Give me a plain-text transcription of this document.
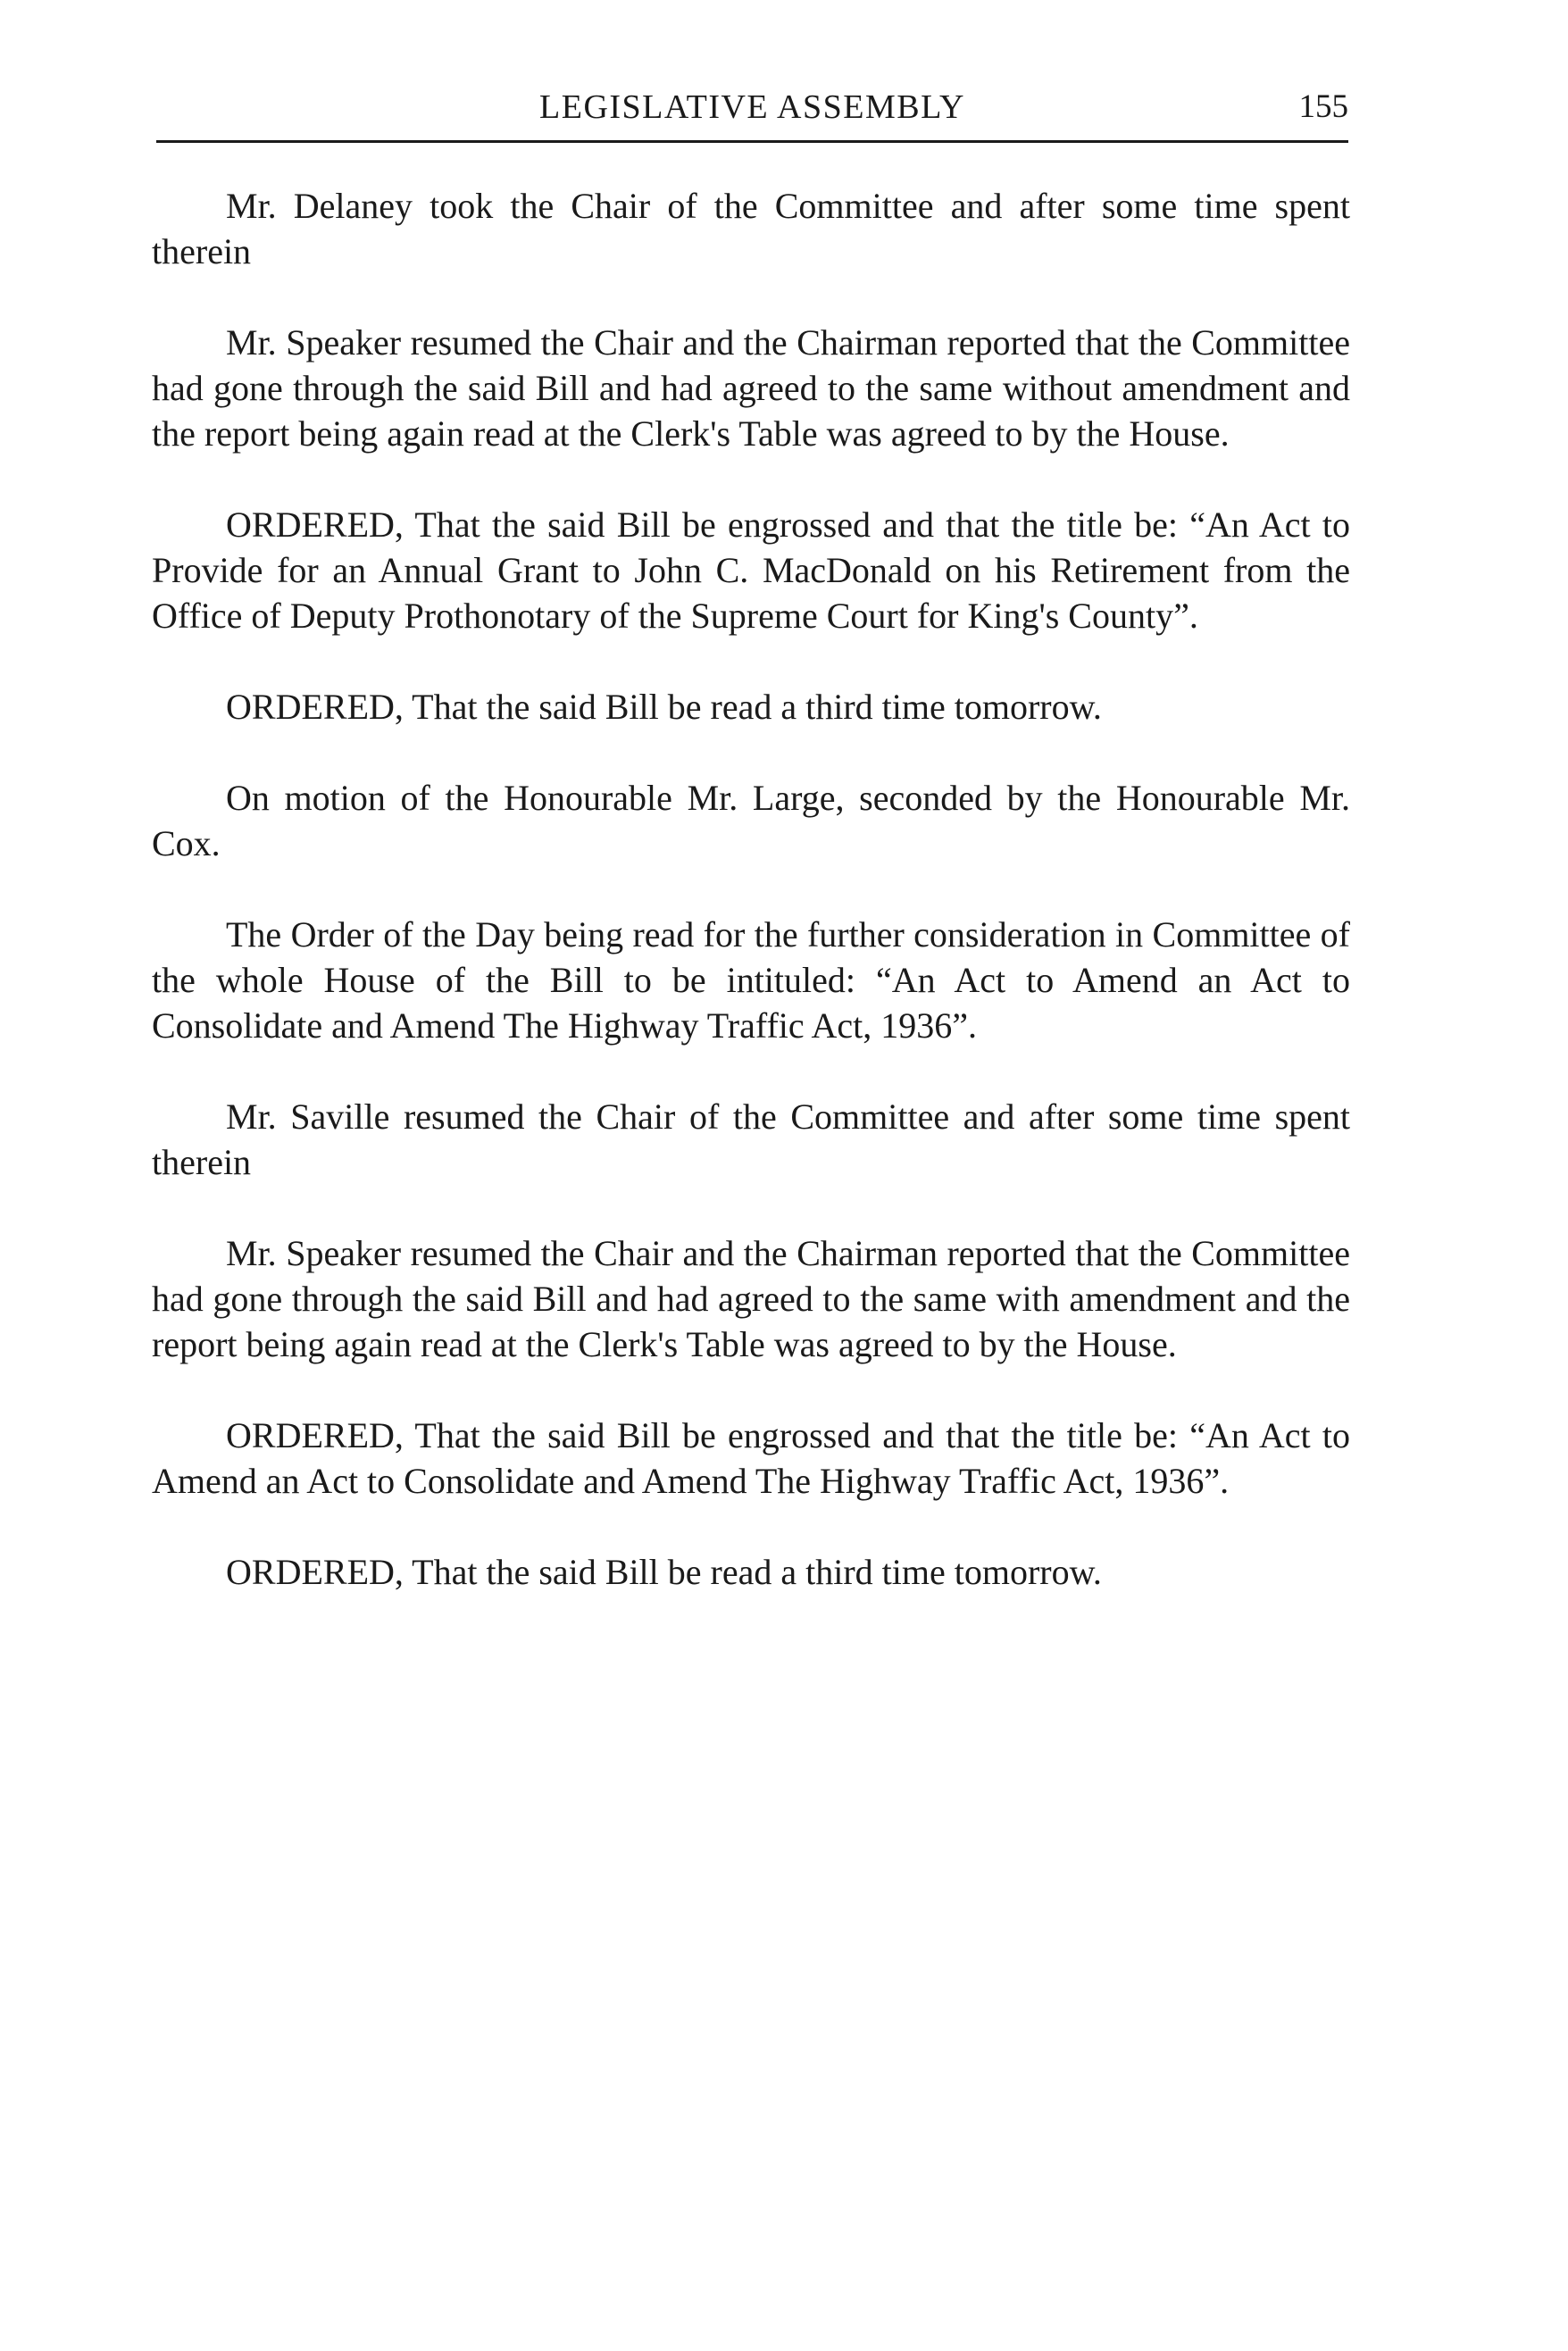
LEGISLATIVE ASSEMBLY	155

Mr. Delaney took the Chair of the Committee and after some time spent therein

Mr. Speaker resumed the Chair and the Chairman reported that the Committee had gone through the said Bill and had agreed to the same without amendment and the report being again read at the Clerk's Table was agreed to by the House.

ORDERED, That the said Bill be engrossed and that the title be: “An Act to Provide for an Annual Grant to John C. MacDonald on his Retirement from the Office of Deputy Prothonotary of the Supreme Court for King's County”.

ORDERED, That the said Bill be read a third time tomorrow.

On motion of the Honourable Mr. Large, seconded by the Honourable Mr. Cox.

The Order of the Day being read for the further consideration in Committee of the whole House of the Bill to be intituled: “An Act to Amend an Act to Consolidate and Amend The Highway Traffic Act, 1936”.

Mr. Saville resumed the Chair of the Committee and after some time spent therein

Mr. Speaker resumed the Chair and the Chairman reported that the Committee had gone through the said Bill and had agreed to the same with amendment and the report being again read at the Clerk's Table was agreed to by the House.

ORDERED, That the said Bill be engrossed and that the title be: “An Act to Amend an Act to Consolidate and Amend The Highway Traffic Act, 1936”.

ORDERED, That the said Bill be read a third time tomorrow.
